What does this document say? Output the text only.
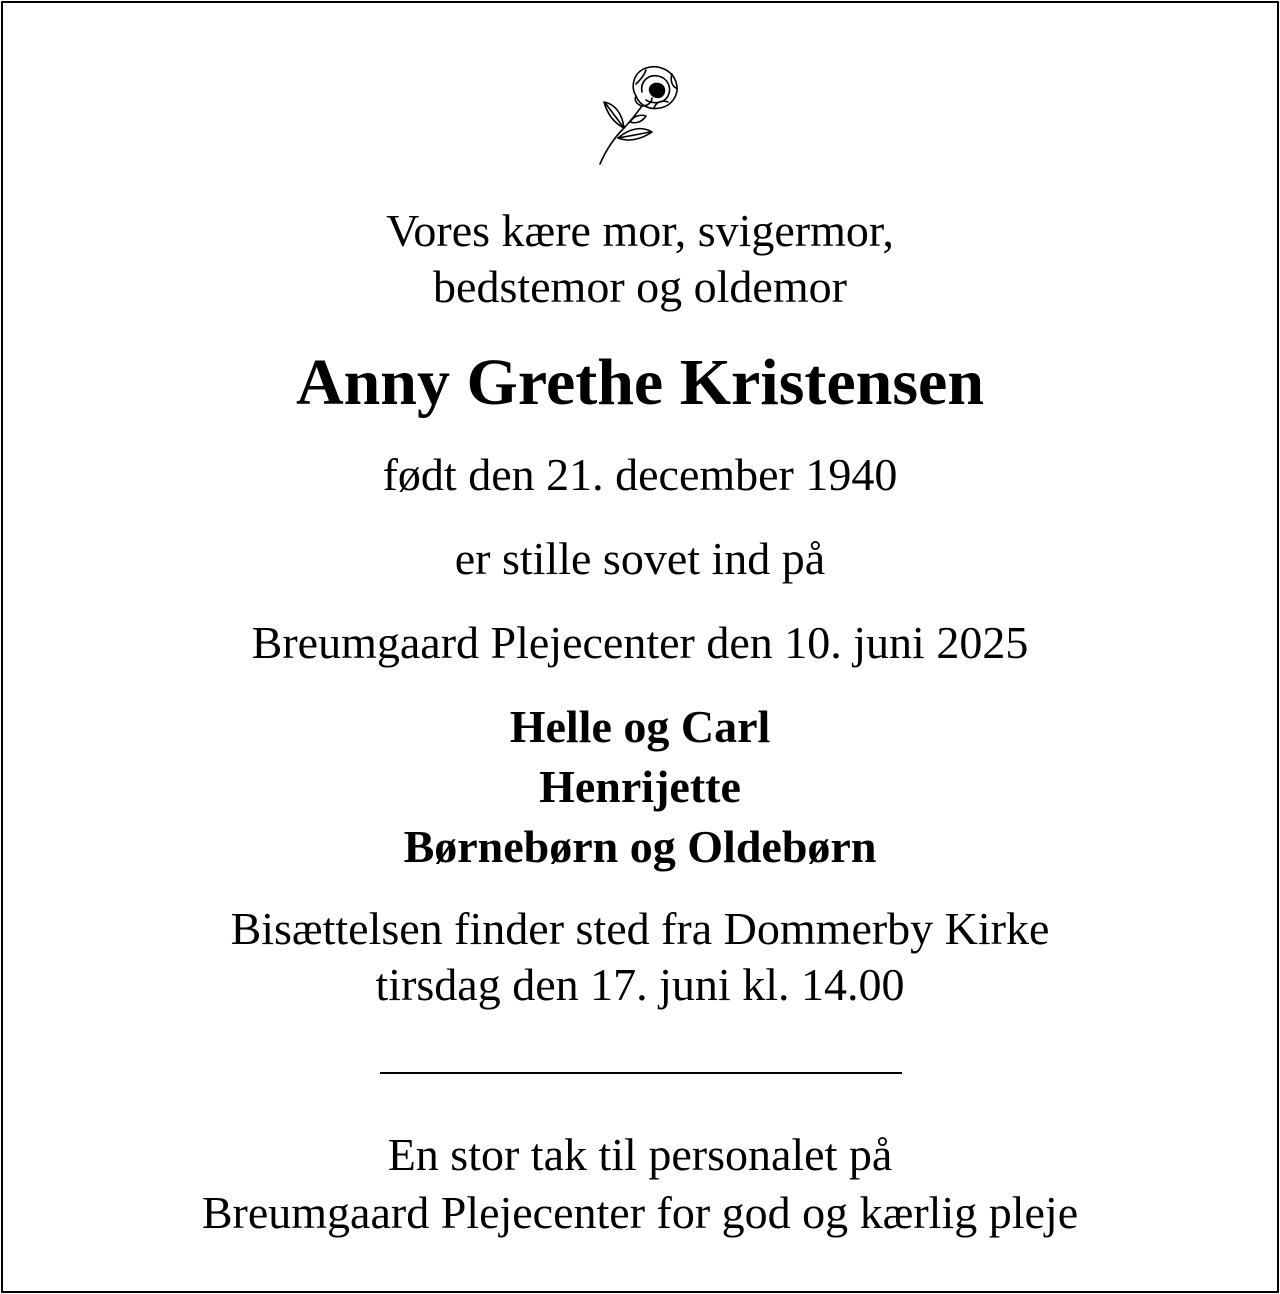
Vores kære mor, svigermor,
bedstemor og oldemor
Anny Grethe Kristensen
født den 21. december 1940
er stille sovet ind på
Breumgaard Plejecenter den 10. juni 2025
Helle og Carl
Henrijette
Børnebørn og Oldebørn
Bisættelsen finder sted fra Dommerby Kirke
tirsdag den 17. juni kl. 14.00
En stor tak til personalet på
Breumgaard Plejecenter for god og kærlig pleje
